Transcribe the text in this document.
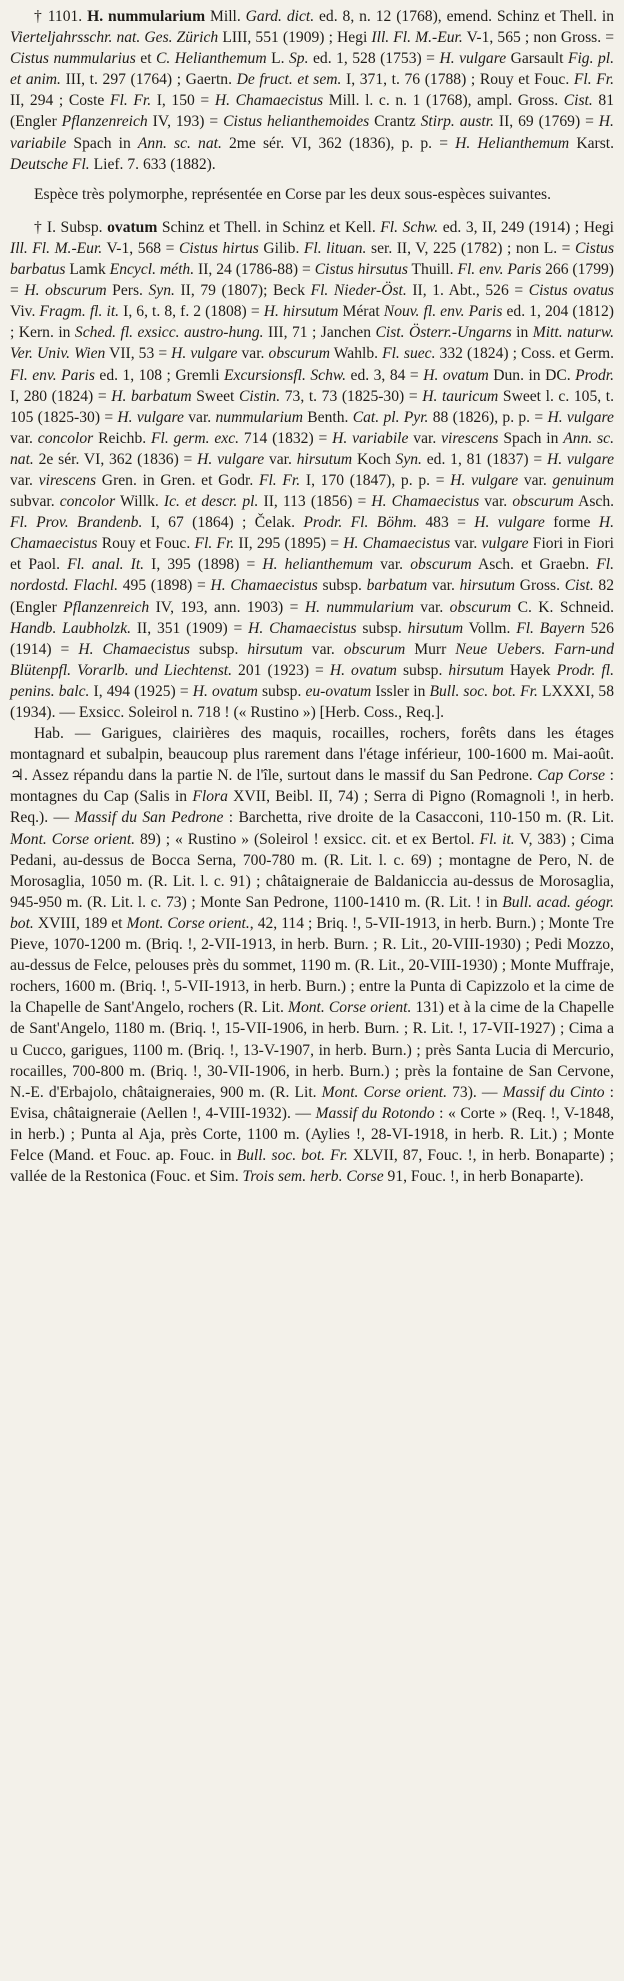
† 1101. H. nummularium Mill. Gard. dict. ed. 8, n. 12 (1768), emend. Schinz et Thell. in Vierteljahrsschr. nat. Ges. Zürich LIII, 551 (1909) ; Hegi Ill. Fl. M.-Eur. V-1, 565 ; non Gross. = Cistus nummularius et C. Helianthemum L. Sp. ed. 1, 528 (1753) = H. vulgare Garsault Fig. pl. et anim. III, t. 297 (1764) ; Gaertn. De fruct. et sem. I, 371, t. 76 (1788) ; Rouy et Fouc. Fl. Fr. II, 294 ; Coste Fl. Fr. I, 150 = H. Chamaecistus Mill. l. c. n. 1 (1768), ampl. Gross. Cist. 81 (Engler Pflanzenreich IV, 193) = Cistus helianthemoides Crantz Stirp. austr. II, 69 (1769) = H. variabile Spach in Ann. sc. nat. 2me sér. VI, 362 (1836), p. p. = H. Helianthemum Karst. Deutsche Fl. Lief. 7. 633 (1882).

Espèce très polymorphe, représentée en Corse par les deux sous-espèces suivantes.

† I. Subsp. ovatum Schinz et Thell. in Schinz et Kell. Fl. Schw. ed. 3, II, 249 (1914) ; Hegi Ill. Fl. M.-Eur. V-1, 568 = Cistus hirtus Gilib. Fl. lituan. ser. II, V, 225 (1782) ; non L. = Cistus barbatus Lamk Encycl. méth. II, 24 (1786-88) = Cistus hirsutus Thuill. Fl. env. Paris 266 (1799) = H. obscurum Pers. Syn. II, 79 (1807); Beck Fl. Nieder-Öst. II, 1. Abt., 526 = Cistus ovatus Viv. Fragm. fl. it. I, 6, t. 8, f. 2 (1808) = H. hirsutum Mérat Nouv. fl. env. Paris ed. 1, 204 (1812) ; Kern. in Sched. fl. exsicc. austro-hung. III, 71 ; Janchen Cist. Österr.-Ungarns in Mitt. naturw. Ver. Univ. Wien VII, 53 = H. vulgare var. obscurum Wahlb. Fl. suec. 332 (1824) ; Coss. et Germ. Fl. env. Paris ed. 1, 108 ; Gremli Excursionsfl. Schw. ed. 3, 84 = H. ovatum Dun. in DC. Prodr. I, 280 (1824) = H. barbatum Sweet Cistin. 73, t. 73 (1825-30) = H. tauricum Sweet l. c. 105, t. 105 (1825-30) = H. vulgare var. nummularium Benth. Cat. pl. Pyr. 88 (1826), p. p. = H. vulgare var. concolor Reichb. Fl. germ. exc. 714 (1832) = H. variabile var. virescens Spach in Ann. sc. nat. 2e sér. VI, 362 (1836) = H. vulgare var. hirsutum Koch Syn. ed. 1, 81 (1837) = H. vulgare var. virescens Gren. in Gren. et Godr. Fl. Fr. I, 170 (1847), p. p. = H. vulgare var. genuinum subvar. concolor Willk. Ic. et descr. pl. II, 113 (1856) = H. Chamaecistus var. obscurum Asch. Fl. Prov. Brandenb. I, 67 (1864) ; Čelak. Prodr. Fl. Böhm. 483 = H. vulgare forme H. Chamaecistus Rouy et Fouc. Fl. Fr. II, 295 (1895) = H. Chamaecistus var. vulgare Fiori in Fiori et Paol. Fl. anal. It. I, 395 (1898) = H. helianthemum var. obscurum Asch. et Graebn. Fl. nordostd. Flachl. 495 (1898) = H. Chamaecistus subsp. barbatum var. hirsutum Gross. Cist. 82 (Engler Pflanzenreich IV, 193, ann. 1903) = H. nummularium var. obscurum C. K. Schneid. Handb. Laubholzk. II, 351 (1909) = H. Chamaecistus subsp. hirsutum Vollm. Fl. Bayern 526 (1914) = H. Chamaecistus subsp. hirsutum var. obscurum Murr Neue Uebers. Farn-und Blütenpfl. Vorarlb. und Liechtenst. 201 (1923) = H. ovatum subsp. hirsutum Hayek Prodr. fl. penins. balc. I, 494 (1925) = H. ovatum subsp. eu-ovatum Issler in Bull. soc. bot. Fr. LXXXI, 58 (1934). — Exsicc. Soleirol n. 718 ! (« Rustino ») [Herb. Coss., Req.].

Hab. — Garigues, clairières des maquis, rocailles, rochers, forêts dans les étages montagnard et subalpin, beaucoup plus rarement dans l'étage inférieur, 100-1600 m. Mai-août. ♃. Assez répandu dans la partie N. de l'île, surtout dans le massif du San Pedrone. Cap Corse : montagnes du Cap (Salis in Flora XVII, Beibl. II, 74) ; Serra di Pigno (Romagnoli !, in herb. Req.). — Massif du San Pedrone : Barchetta, rive droite de la Casacconi, 110-150 m. (R. Lit. Mont. Corse orient. 89) ; « Rustino » (Soleirol ! exsicc. cit. et ex Bertol. Fl. it. V, 383) ; Cima Pedani, au-dessus de Bocca Serna, 700-780 m. (R. Lit. l. c. 69) ; montagne de Pero, N. de Morosaglia, 1050 m. (R. Lit. l. c. 91) ; châtaigneraie de Baldaniccia au-dessus de Morosaglia, 945-950 m. (R. Lit. l. c. 73) ; Monte San Pedrone, 1100-1410 m. (R. Lit. ! in Bull. acad. géogr. bot. XVIII, 189 et Mont. Corse orient., 42, 114 ; Briq. !, 5-VII-1913, in herb. Burn.) ; Monte Tre Pieve, 1070-1200 m. (Briq. !, 2-VII-1913, in herb. Burn. ; R. Lit., 20-VIII-1930) ; Pedi Mozzo, au-dessus de Felce, pelouses près du sommet, 1190 m. (R. Lit., 20-VIII-1930) ; Monte Muffraje, rochers, 1600 m. (Briq. !, 5-VII-1913, in herb. Burn.) ; entre la Punta di Capizzolo et la cime de la Chapelle de Sant'Angelo, rochers (R. Lit. Mont. Corse orient. 131) et à la cime de la Chapelle de Sant'Angelo, 1180 m. (Briq. !, 15-VII-1906, in herb. Burn. ; R. Lit. !, 17-VII-1927) ; Cima a u Cucco, garigues, 1100 m. (Briq. !, 13-V-1907, in herb. Burn.) ; près Santa Lucia di Mercurio, rocailles, 700-800 m. (Briq. !, 30-VII-1906, in herb. Burn.) ; près la fontaine de San Cervone, N.-E. d'Erbajolo, châtaigneraies, 900 m. (R. Lit. Mont. Corse orient. 73). — Massif du Cinto : Evisa, châtaigneraie (Aellen !, 4-VIII-1932). — Massif du Rotondo : « Corte » (Req. !, V-1848, in herb.) ; Punta al Aja, près Corte, 1100 m. (Aylies !, 28-VI-1918, in herb. R. Lit.) ; Monte Felce (Mand. et Fouc. ap. Fouc. in Bull. soc. bot. Fr. XLVII, 87, Fouc. !, in herb. Bonaparte) ; vallée de la Restonica (Fouc. et Sim. Trois sem. herb. Corse 91, Fouc. !, in herb Bonaparte).
